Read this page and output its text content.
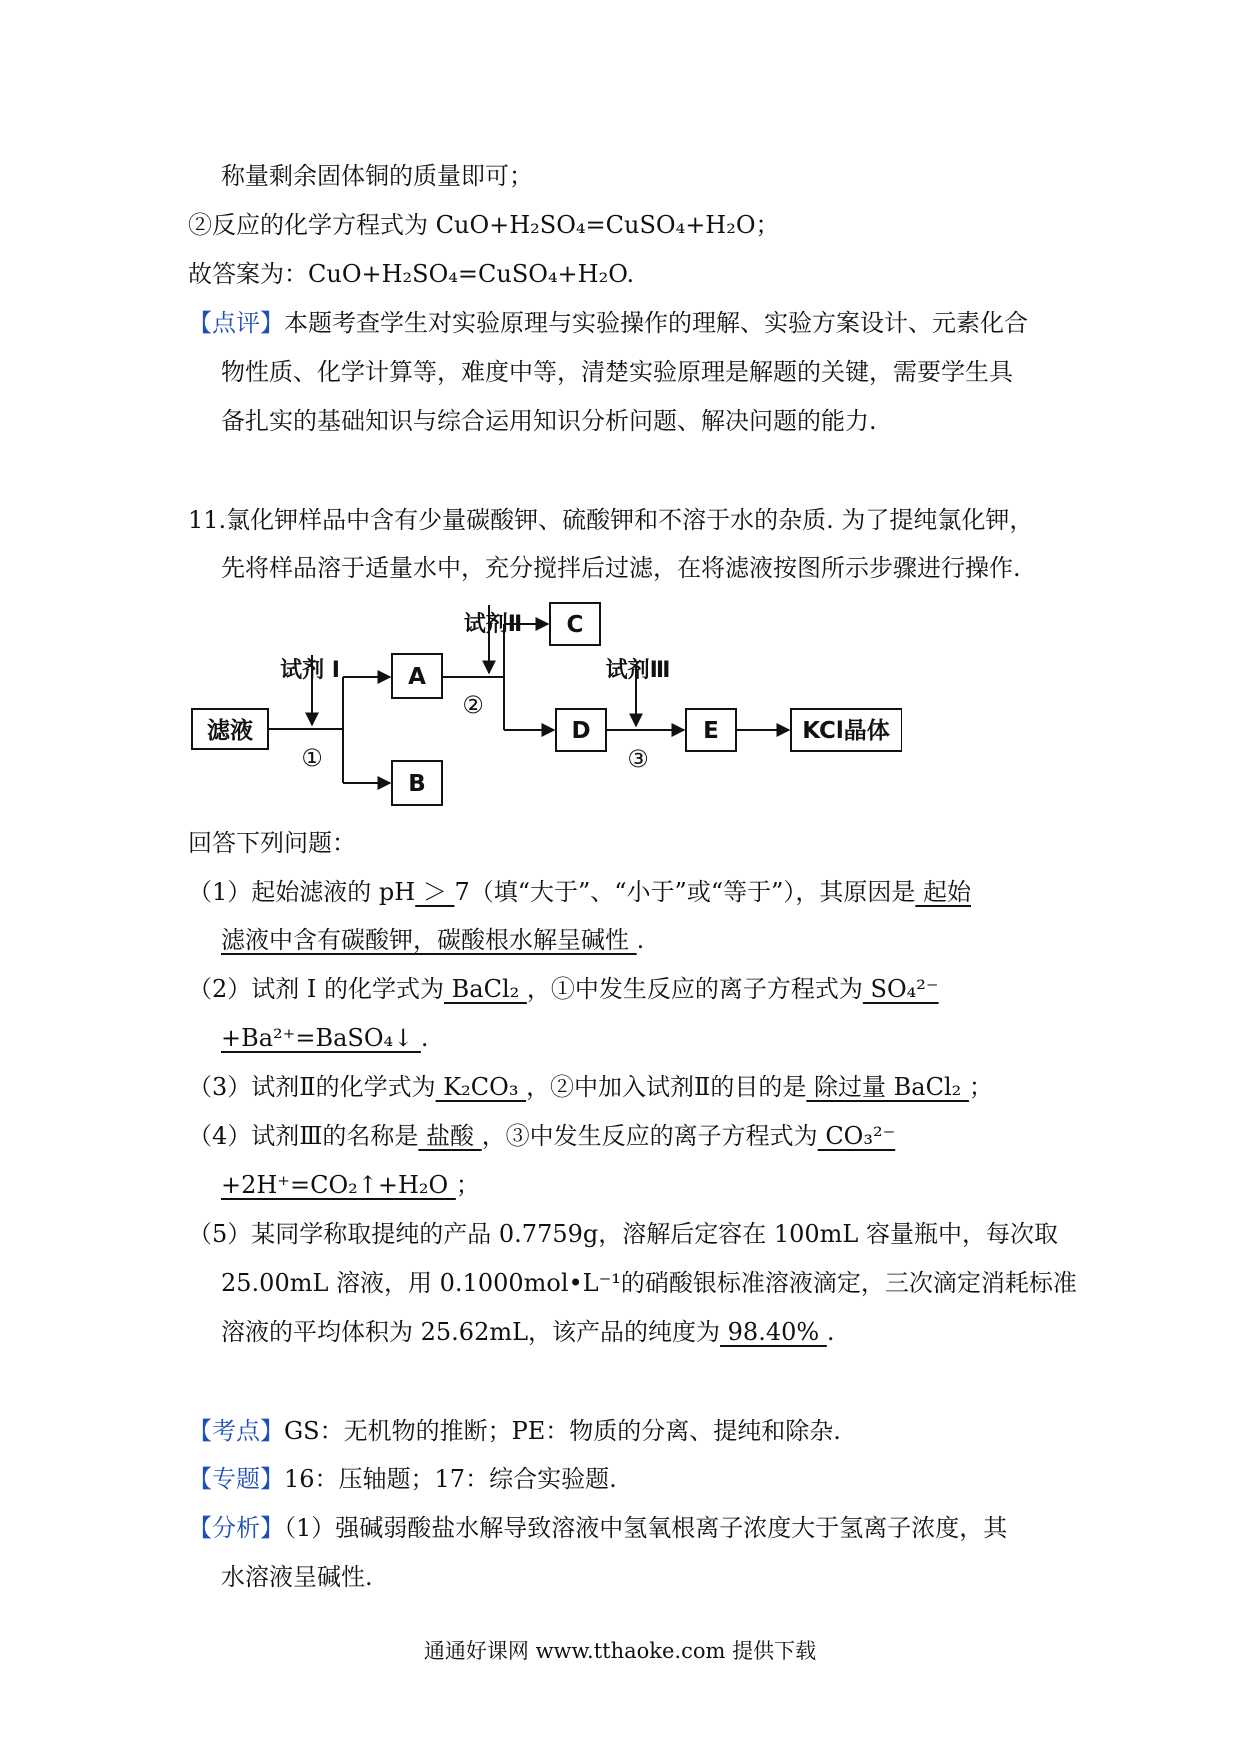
称量剩余固体铜的质量即可；
②反应的化学方程式为 CuO+H₂SO₄=CuSO₄+H₂O；
故答案为：CuO+H₂SO₄=CuSO₄+H₂O.
【点评】本题考查学生对实验原理与实验操作的理解、实验方案设计、元素化合
物性质、化学计算等，难度中等，清楚实验原理是解题的关键，需要学生具
备扎实的基础知识与综合运用知识分析问题、解决问题的能力.
11.氯化钾样品中含有少量碳酸钾、硫酸钾和不溶于水的杂质. 为了提纯氯化钾，
先将样品溶于适量水中，充分搅拌后过滤，在将滤液按图所示步骤进行操作.
滤液
A
B
C
D	E	KCl晶体
试剂 Ⅰ
试剂Ⅱ
试剂Ⅲ
①
②
③
回答下列问题：
（1）起始滤液的 pH ＞ 7（填“大于”、“小于”或“等于”），其原因是 起始
滤液中含有碳酸钾，碳酸根水解呈碱性 .
（2）试剂 Ⅰ 的化学式为 BaCl₂ ，①中发生反应的离子方程式为 SO₄²⁻
+Ba²⁺=BaSO₄↓ .
（3）试剂Ⅱ的化学式为 K₂CO₃ ，②中加入试剂Ⅱ的目的是 除过量 BaCl₂ ；
（4）试剂Ⅲ的名称是 盐酸 ，③中发生反应的离子方程式为 CO₃²⁻
+2H⁺=CO₂↑+H₂O ；
（5）某同学称取提纯的产品 0.7759g，溶解后定容在 100mL 容量瓶中，每次取
25.00mL 溶液，用 0.1000mol•L⁻¹的硝酸银标准溶液滴定，三次滴定消耗标准
溶液的平均体积为 25.62mL，该产品的纯度为 98.40% .
【考点】GS：无机物的推断；PE：物质的分离、提纯和除杂.
【专题】16：压轴题；17：综合实验题.
【分析】（1）强碱弱酸盐水解导致溶液中氢氧根离子浓度大于氢离子浓度，其
水溶液呈碱性.
通通好课网 www.tthaoke.com 提供下载
